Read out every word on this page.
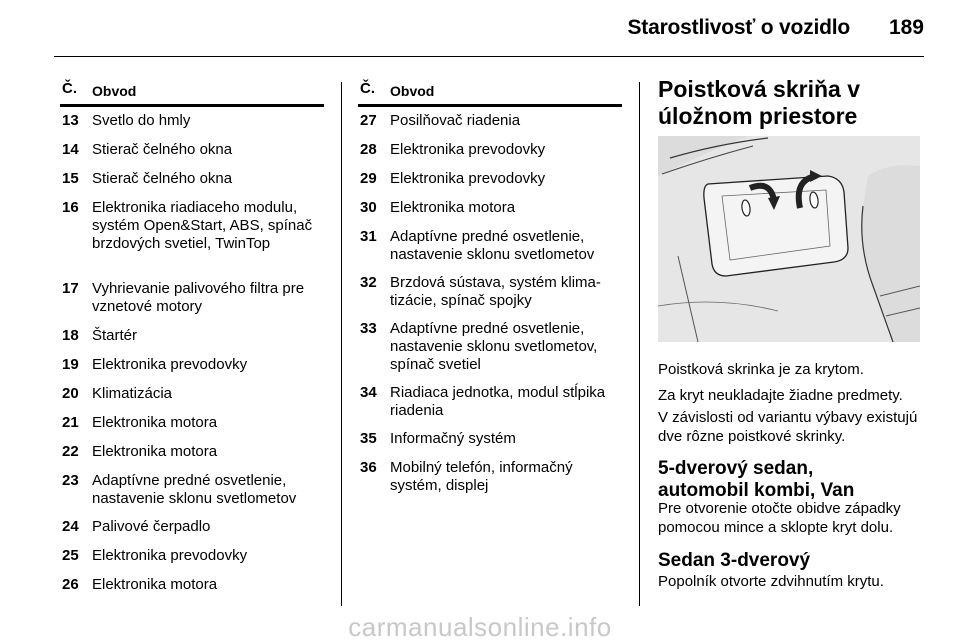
Starostlivosť o vozidlo 189
Č. Obvod
13 Svetlo do hmly
14 Stierač čelného okna
15 Stierač čelného okna
16 Elektronika riadiaceho modulu, systém Open&Start, ABS, spínač brzdových svetiel, TwinTop
17 Vyhrievanie palivového filtra pre vznetové motory
18 Štartér
19 Elektronika prevodovky
20 Klimatizácia
21 Elektronika motora
22 Elektronika motora
23 Adaptívne predné osvetlenie, nastavenie sklonu svetlometov
24 Palivové čerpadlo
25 Elektronika prevodovky
26 Elektronika motora
Č. Obvod
27 Posilňovač riadenia
28 Elektronika prevodovky
29 Elektronika prevodovky
30 Elektronika motora
31 Adaptívne predné osvetlenie, nastavenie sklonu svetlometov
32 Brzdová sústava, systém klima-tizácie, spínač spojky
33 Adaptívne predné osvetlenie, nastavenie sklonu svetlometov, spínač svetiel
34 Riadiaca jednotka, modul stĺpika riadenia
35 Informačný systém
36 Mobilný telefón, informačný systém, displej
Poistková skriňa v úložnom priestore
Poistková skrinka je za krytom.
Za kryt neukladajte žiadne predmety.
V závislosti od variantu výbavy existujú dve rôzne poistkové skrinky.
5-dverový sedan, automobil kombi, Van
Pre otvorenie otočte obidve západky pomocou mince a sklopte kryt dolu.
Sedan 3-dverový
Popolník otvorte zdvihnutím krytu.
carmanualsonline.info
